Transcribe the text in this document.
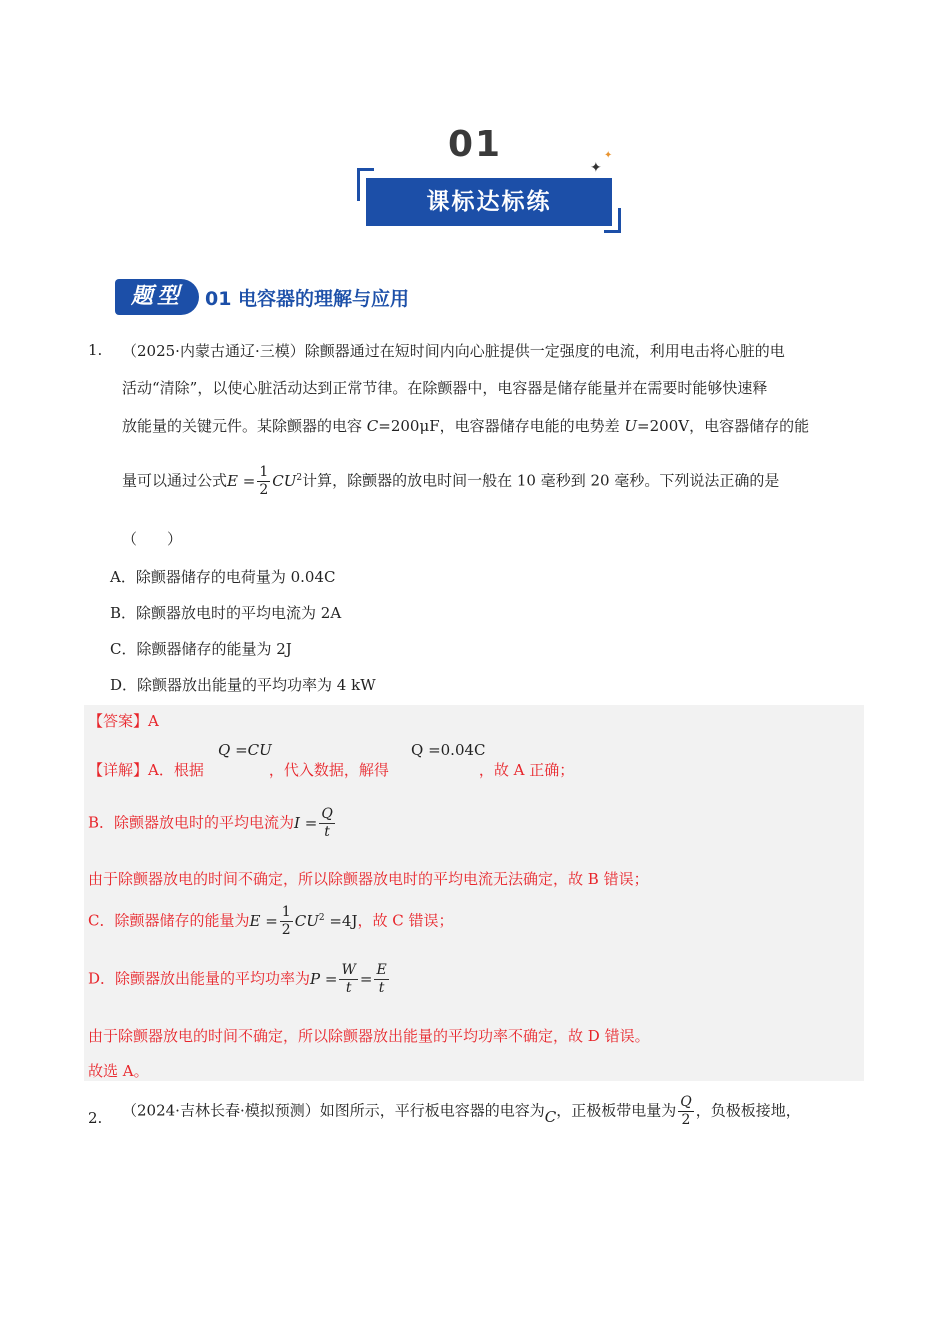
01
✦
✦
课标达标练
题型	01 电容器的理解与应用
1. （2025·内蒙古通辽·三模）除颤器通过在短时间内向心脏提供一定强度的电流，利用电击将心脏的电
活动“清除”，以使心脏活动达到正常节律。在除颤器中，电容器是储存能量并在需要时能够快速释
放能量的关键元件。某除颤器的电容 C=200μF，电容器储存电能的电势差 U=200V，电容器储存的能
量可以通过公式$E = \frac{1}{2} CU^2$计算，除颤器的放电时间一般在 10 毫秒到 20 毫秒。下列说法正确的是
（　　）
A．除颤器储存的电荷量为 0.04C
B．除颤器放电时的平均电流为 2A
C．除颤器储存的能量为 2J
D．除颤器放出能量的平均功率为 4 kW
【答案】A
Q =CU	Q =0.04C
【详解】A．根据	，代入数据，解得	，故 A 正确；
B．除颤器放电时的平均电流为$I = \frac{Q}{t}$
由于除颤器放电的时间不确定，所以除颤器放电时的平均电流无法确定，故 B 错误；
C．除颤器储存的能量为$E = \frac{1}{2} CU^2 =4J$，故 C 错误；
D．除颤器放出能量的平均功率为$P = \frac{W}{t} = \frac{E}{t}$
由于除颤器放电的时间不确定，所以除颤器放出能量的平均功率不确定，故 D 错误。
故选 A。
2. （2024·吉林长春·模拟预测）如图所示，平行板电容器的电容为C，正极板带电量为 $\frac{Q}{2}$ ，负极板接地，
